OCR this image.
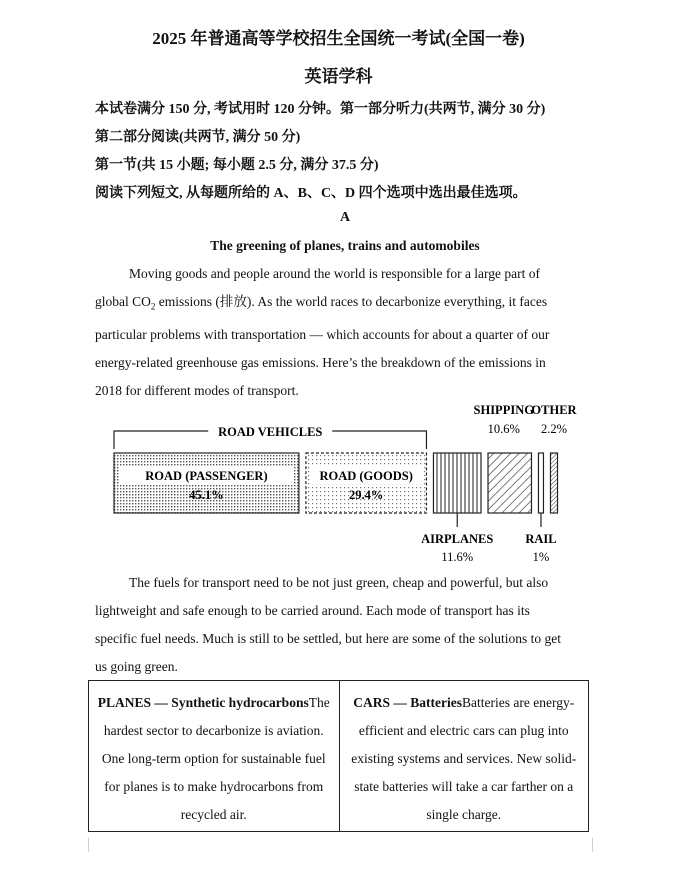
2025 年普通高等学校招生全国统一考试(全国一卷)
英语学科
本试卷满分 150 分, 考试用时 120 分钟。第一部分听力(共两节, 满分 30 分)
第二部分阅读(共两节, 满分 50 分)
第一节(共 15 小题; 每小题 2.5 分, 满分 37.5 分)
阅读下列短文, 从每题所给的 A、B、C、D 四个选项中选出最佳选项。
A
The greening of planes, trains and automobiles
Moving goods and people around the world is responsible for a large part of
global $CO_2$ emissions (排放). As the world races to decarbonize everything, it faces
particular problems with transportation — which accounts for about a quarter of our
energy-related greenhouse gas emissions. Here’s the breakdown of the emissions in
2018 for different modes of transport.
ROAD (PASSENGER)
45.1%
ROAD (GOODS)
29.4%
ROAD VEHICLES
AIRPLANES
11.6%
RAIL
1%
SHIPPING
10.6%
OTHER
2.2%
The fuels for transport need to be not just green, cheap and powerful, but also
lightweight and safe enough to be carried around. Each mode of transport has its
specific fuel needs. Much is still to be settled, but here are some of the solutions to get
us going green.
PLANES — Synthetic hydrocarbonsThe hardest sector to decarbonize is aviation. One long-term option for sustainable fuel for planes is to make hydrocarbons from recycled air.
CARS — BatteriesBatteries are energy-efficient and electric cars can plug into existing systems and services. New solid-state batteries will take a car farther on a single charge.
